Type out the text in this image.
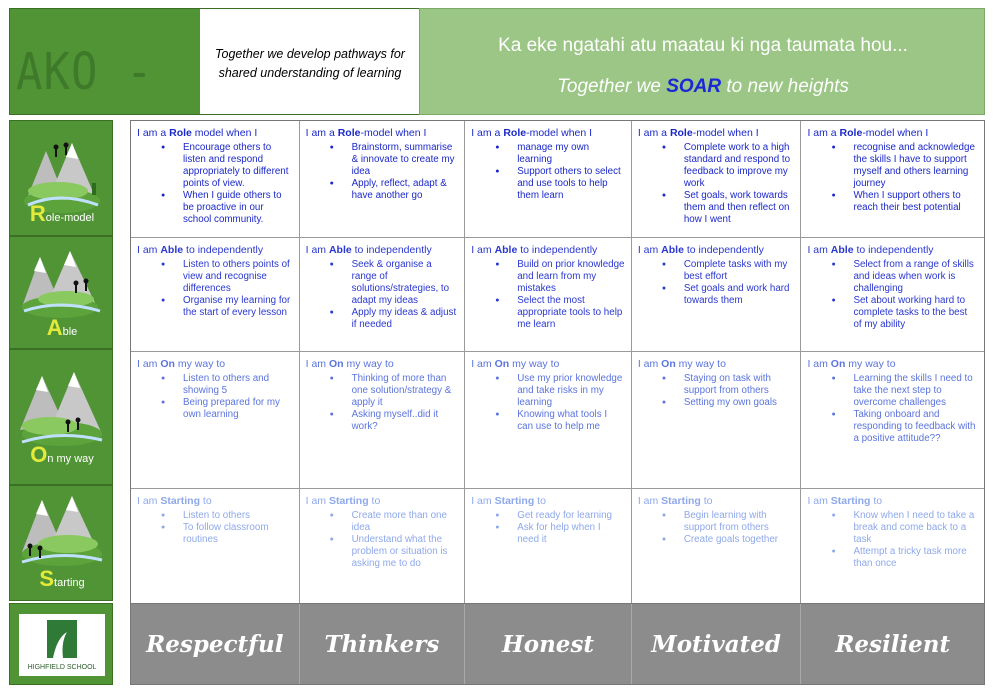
AKO -	Together we develop pathways for
shared understanding of learning
Ka eke ngatahi atu maatau ki nga taumata hou...
Together we SOAR to new heights
Role-model
Able
On my way
Starting
I am a Role model when I
● Encourage others to listen and respond appropriately to different points of view.
● When I guide others to be proactive in our school community.
I am a Role-model when I
● Brainstorm, summarise & innovate to create my idea
● Apply, reflect, adapt & have another go
I am a Role-model when I
● manage my own learning
● Support others to select and use tools to help them learn
I am a Role-model when I
● Complete work to a high standard and respond to feedback to improve my work
● Set goals, work towards them and then reflect on how I went
I am a Role-model when I
● recognise and acknowledge the skills I have to support myself and others learning journey
● When I support others to reach their best potential
I am Able to independently
● Listen to others points of view and recognise differences
● Organise my learning for the start of every lesson
I am Able to independently
● Seek & organise a range of solutions/strategies, to adapt my ideas
● Apply my ideas & adjust if needed
I am Able to independently
● Build on prior knowledge and learn from my mistakes
● Select the most appropriate tools to help me learn
I am Able to independently
● Complete tasks with my best effort
● Set goals and work hard towards them
I am Able to independently
● Select from a range of skills and ideas when work is challenging
● Set about working hard to complete tasks to the best of my ability
I am On my way to
● Listen to others and showing 5
● Being prepared for my own learning
I am On my way to
● Thinking of more than one solution/strategy & apply it
● Asking myself..did it work?
I am On my way to
● Use my prior knowledge and take risks in my learning
● Knowing what tools I can use to help me
I am On my way to
● Staying on task with support from others
● Setting my own goals
I am On my way to
● Learning the skills I need to take the next step to overcome challenges
● Taking onboard and responding to feedback with a positive attitude??
I am Starting to
● Listen to others
● To follow classroom routines
I am Starting to
● Create more than one idea
● Understand what the problem or situation is asking me to do
I am Starting to
● Get ready for learning
● Ask for help when I need it
I am Starting to
● Begin learning with support from others
● Create goals together
I am Starting to
● Know when I need to take a break and come back to a task
● Attempt a tricky task more than once
Respectful	Thinkers	Honest	Motivated	Resilient
HIGHFIELD SCHOOL
